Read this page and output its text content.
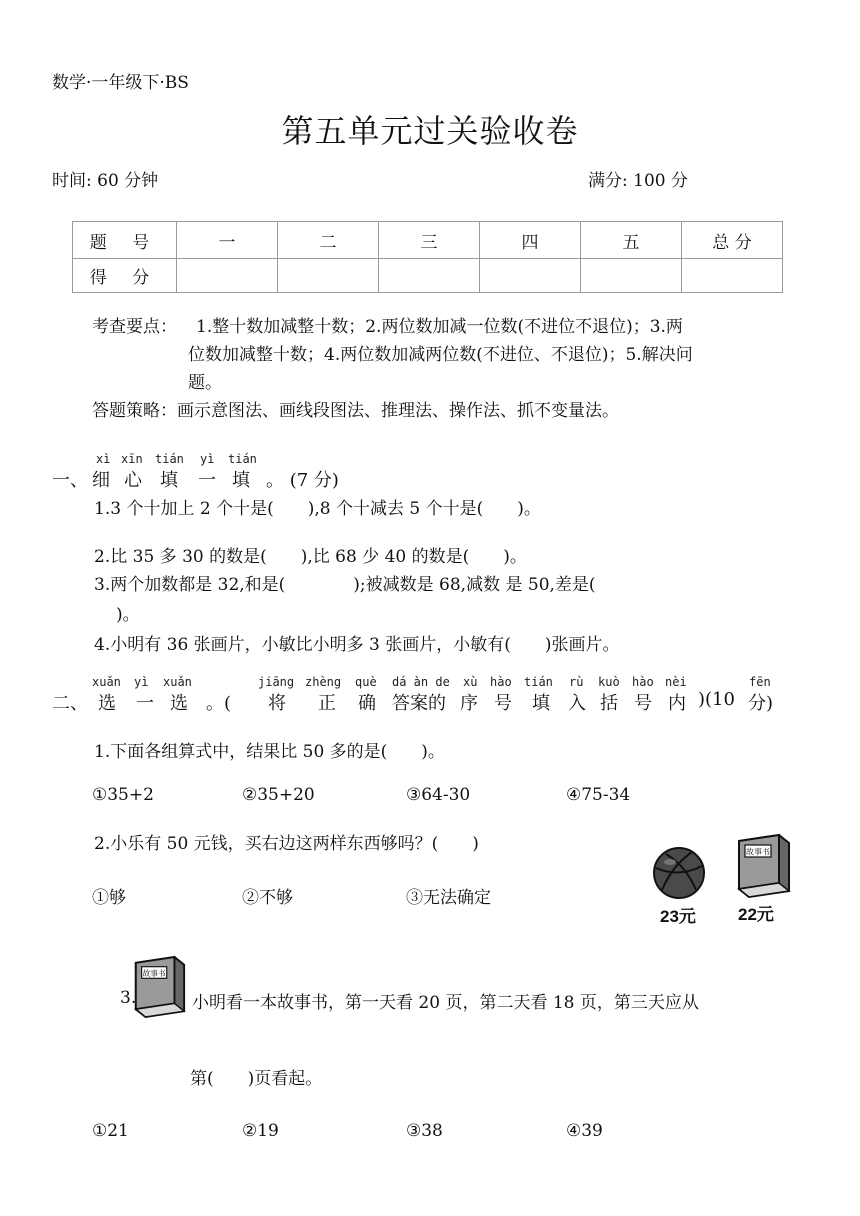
数学·一年级下·BS
第五单元过关验收卷
时间: 60 分钟	满分: 100 分
题 号	一	二	三	四	五	总 分
得 分						
考查要点： 1.整十数加减整十数；2.两位数加减一位数(不进位不退位)；3.两
位数加减整十数；4.两位数加减两位数(不进位、不退位)；5.解决问
题。
答题策略：画示意图法、画线段图法、推理法、操作法、抓不变量法。
xì xīn tián yì tián
一、 细 心 填 一 填 。 (7 分)
1.3 个十加上 2 个十是(　　),8 个十减去 5 个十是(　　)。
2.比 35 多 30 的数是(　　),比 68 少 40 的数是(　　)。
3.两个加数都是 32,和是(　　　　);被减数是 68,减数 是 50,差是(
)。
4.小明有 36 张画片，小敏比小明多 3 张画片，小敏有(　　)张画片。
xuǎn yì xuǎn	jiāng zhèng què dá àn de xù hào tián rù kuò hào nèi	fēn
二、 选 一 选 。( 将 正 确 答案的 序 号 填 入 括 号 内 )(10 分)
1.下面各组算式中，结果比 50 多的是(　　)。
①35+2	②35+20	③64-30	④75-34
2.小乐有 50 元钱，买右边这两样东西够吗？(　　)
①够	②不够	③无法确定
23元
故事书
22元
3.
故事书
小明看一本故事书，第一天看 20 页，第二天看 18 页，第三天应从
第(　　)页看起。
①21	②19	③38	④39
